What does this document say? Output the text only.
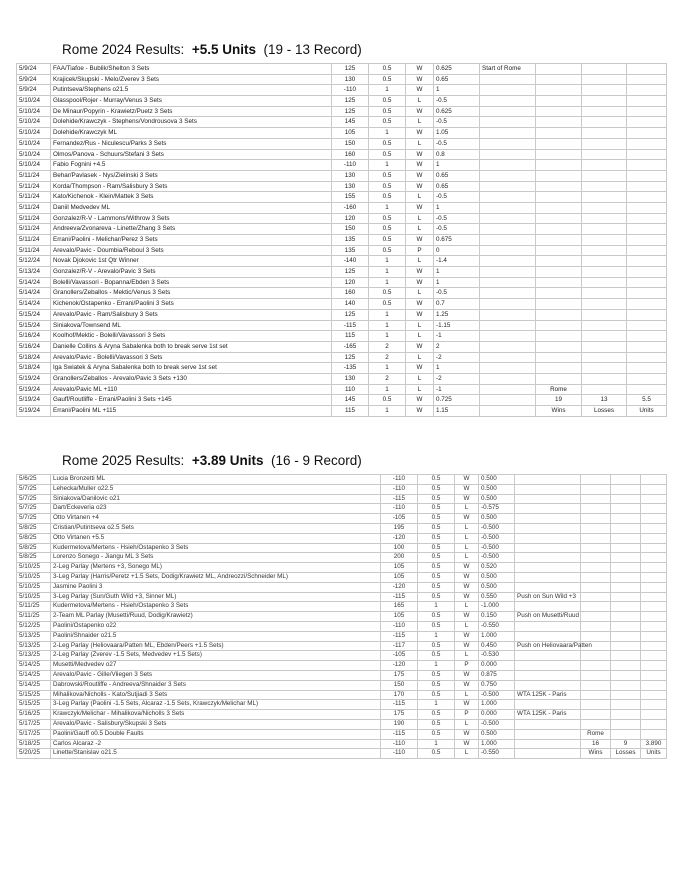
Rome 2024 Results: +5.5 Units (19 - 13 Record)
5/9/24	FAA/Tiafoe - Bublik/Shelton 3 Sets	125	0.5	W	0.625	Start of Rome			
5/9/24	Krajicek/Skupski - Melo/Zverev 3 Sets	130	0.5	W	0.65				
5/9/24	Putintseva/Stephens o21.5	-110	1	W	1				
5/10/24	Glasspool/Rojer - Murray/Venus 3 Sets	125	0.5	L	-0.5				
5/10/24	De Minaur/Popyrin - Krawietz/Puetz 3 Sets	125	0.5	W	0.625				
5/10/24	Dolehide/Krawczyk - Stephens/Vondrousova 3 Sets	145	0.5	L	-0.5				
5/10/24	Dolehide/Krawczyk ML	105	1	W	1.05				
5/10/24	Fernandez/Rus - Niculescu/Parks 3 Sets	150	0.5	L	-0.5				
5/10/24	Olmos/Panova - Schuurs/Stefani 3 Sets	160	0.5	W	0.8				
5/10/24	Fabio Fognini +4.5	-110	1	W	1				
5/11/24	Behar/Pavlasek - Nys/Zielinski 3 Sets	130	0.5	W	0.65				
5/11/24	Korda/Thompson - Ram/Salisbury 3 Sets	130	0.5	W	0.65				
5/11/24	Kato/Kichenok - Klein/Mattek 3 Sets	155	0.5	L	-0.5				
5/11/24	Daniil Medvedev ML	-160	1	W	1				
5/11/24	Gonzalez/R-V - Lammons/Withrow 3 Sets	120	0.5	L	-0.5				
5/11/24	Andreeva/Zvonareva - Linette/Zhang 3 Sets	150	0.5	L	-0.5				
5/11/24	Errani/Paolini - Melichar/Perez 3 Sets	135	0.5	W	0.675				
5/11/24	Arevalo/Pavic - Doumbia/Reboul 3 Sets	135	0.5	P	0				
5/12/24	Novak Djokovic 1st Qtr Winner	-140	1	L	-1.4				
5/13/24	Gonzalez/R-V - Arevalo/Pavic 3 Sets	125	1	W	1				
5/14/24	Bolelli/Vavassori - Bopanna/Ebden 3 Sets	120	1	W	1				
5/14/24	Granollers/Zeballos - Mektic/Venus 3 Sets	160	0.5	L	-0.5				
5/14/24	Kichenok/Ostapenko - Errani/Paolini 3 Sets	140	0.5	W	0.7				
5/15/24	Arevalo/Pavic - Ram/Salisbury 3 Sets	125	1	W	1.25				
5/15/24	Siniakova/Townsend ML	-115	1	L	-1.15				
5/16/24	Koolhof/Mektic - Bolelli/Vavassori 3 Sets	115	1	L	-1				
5/16/24	Danielle Collins & Aryna Sabalenka both to break serve 1st set	-165	2	W	2				
5/18/24	Arevalo/Pavic - Bolelli/Vavassori 3 Sets	125	2	L	-2				
5/18/24	Iga Swiatek & Aryna Sabalenka both to break serve 1st set	-135	1	W	1				
5/19/24	Granollers/Zeballos - Arevalo/Pavic 3 Sets +130	130	2	L	-2				
5/19/24	Arevalo/Pavic ML +110	110	1	L	-1		Rome		
5/19/24	Gauff/Routliffe - Errani/Paolini 3 Sets +145	145	0.5	W	0.725		19	13	5.5
5/19/24	Errani/Paolini ML +115	115	1	W	1.15		Wins	Losses	Units
Rome 2025 Results: +3.89 Units (16 - 9 Record)
5/6/25	Lucia Bronzetti ML	-110	0.5	W	0.500				
5/7/25	Lehecka/Muller o22.5	-110	0.5	W	0.500				
5/7/25	Siniakova/Danilovic o21	-115	0.5	W	0.500				
5/7/25	Dart/Eckeveria o23	-110	0.5	L	-0.575				
5/7/25	Otto Virtanen +4	-105	0.5	W	0.500				
5/8/25	Cristian/Putintseva o2.5 Sets	195	0.5	L	-0.500				
5/8/25	Otto Virtanen +5.5	-120	0.5	L	-0.500				
5/8/25	Kudermetova/Mertens - Hsieh/Ostapenko 3 Sets	100	0.5	L	-0.500				
5/8/25	Lorenzo Sonego - Jiangu ML 3 Sets	200	0.5	L	-0.500				
5/10/25	2-Leg Parlay (Mertens +3, Sonego ML)	105	0.5	W	0.520				
5/10/25	3-Leg Parlay (Harris/Peretz +1.5 Sets, Dodig/Krawietz ML, Andreozzi/Schneider ML)	105	0.5	W	0.500				
5/10/25	Jasmine Paolini 3	-120	0.5	W	0.500				
5/10/25	3-Leg Parlay (Sun/Guth Wild +3, Sinner ML)	-115	0.5	W	0.550	Push on Sun Wild +3			
5/11/25	Kudermetova/Mertens - Hsieh/Ostapenko 3 Sets	165	1	L	-1.000				
5/11/25	2-Team ML Parlay (Musetti/Ruud, Dodig/Krawietz)	105	0.5	W	0.150	Push on Musetti/Ruud			
5/12/25	Paolini/Ostapenko o22	-110	0.5	L	-0.550				
5/13/25	Paolini/Shnaider o21.5	-115	1	W	1.000				
5/13/25	2-Leg Parlay (Heliovaara/Patten ML, Ebden/Peers +1.5 Sets)	-117	0.5	W	0.450	Push on Heliovaara/Patten			
5/13/25	2-Leg Parlay (Zverev -1.5 Sets, Medvedev +1.5 Sets)	-105	0.5	L	-0.530				
5/14/25	Musetti/Medvedev o27	-120	1	P	0.000				
5/14/25	Arevalo/Pavic - Gille/Vliegen 3 Sets	175	0.5	W	0.875				
5/14/25	Dabrowski/Routliffe - Andreeva/Shnaider 3 Sets	150	0.5	W	0.750				
5/15/25	Mihalikova/Nicholls - Kato/Sutjiadi 3 Sets	170	0.5	L	-0.500	WTA 125K - Paris			
5/15/25	3-Leg Parlay (Paolini -1.5 Sets, Alcaraz -1.5 Sets, Krawczyk/Melichar ML)	-115	1	W	1.000				
5/16/25	Krawczyk/Melichar - Mihalikova/Nicholls 3 Sets	175	0.5	P	0.000	WTA 125K - Paris			
5/17/25	Arevalo/Pavic - Salisbury/Skupski 3 Sets	190	0.5	L	-0.500				
5/17/25	Paolini/Gauff o0.5 Double Faults	-115	0.5	W	0.500		Rome		
5/18/25	Carlos Alcaraz -2	-110	1	W	1.000		16	9	3.890
5/20/25	Linette/Stanislav o21.5	-110	0.5	L	-0.550		Wins	Losses	Units
